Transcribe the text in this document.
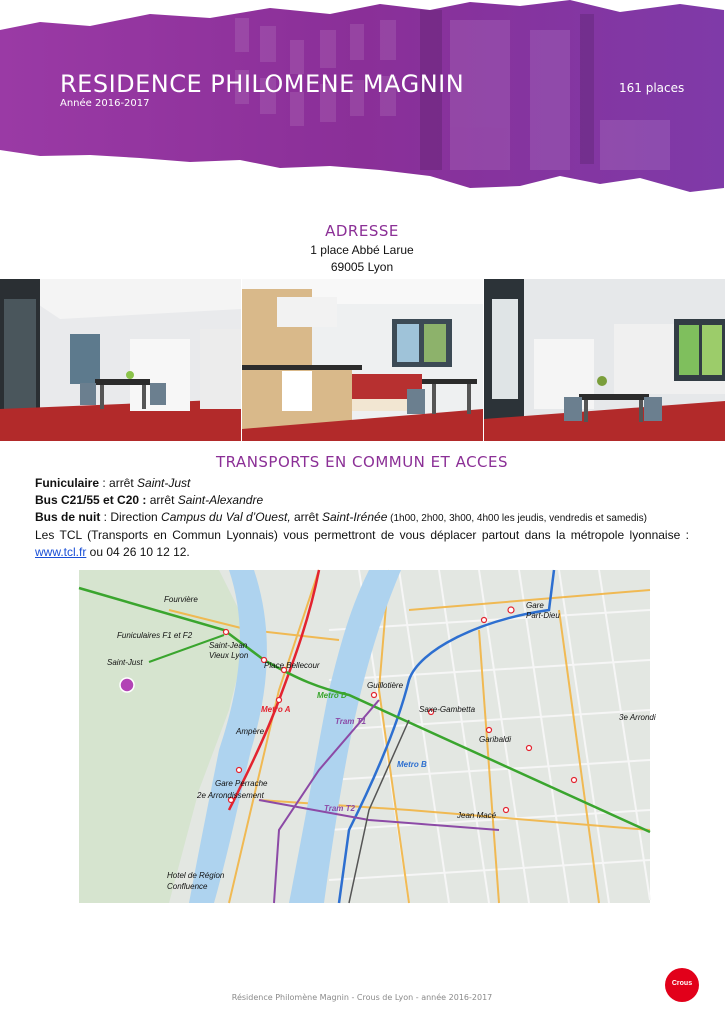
RESIDENCE PHILOMENE MAGNIN
Année 2016-2017
161 places
ADRESSE
1 place Abbé Larue
69005 Lyon
TRANSPORTS EN COMMUN ET ACCES
Funiculaire : arrêt Saint-Just
Bus C21/55 et C20 : arrêt Saint-Alexandre
Bus de nuit : Direction Campus du Val d’Ouest, arrêt Saint-Irénée (1h00, 2h00, 3h00, 4h00 les jeudis, vendredis et samedis)
Les TCL (Transports en Commun Lyonnais) vous permettront de vous déplacer partout dans la métropole lyonnaise :
www.tcl.fr ou 04 26 10 12 12.
Fourvière
Funiculaires F1 et F2
Saint-Jean
Vieux Lyon
Saint-Just	Place Bellecour
Metro D
Guillotière
Gare
Part-Dieu
Metro A
Tram T1
Saxe-Gambetta
Garibaldi
Ampère
Metro B
Gare Perrache
2e Arrondissement
Tram T2
Jean Macé
Hotel de Région
Confluence
3e Arrondi
Résidence Philomène Magnin - Crous de Lyon - année 2016-2017
Crous
